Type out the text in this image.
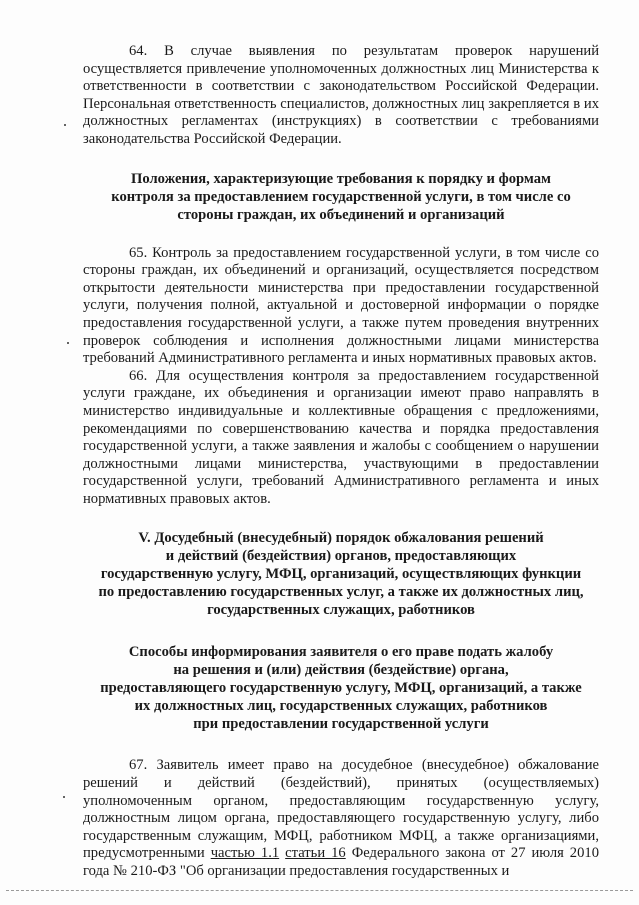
64. В случае выявления по результатам проверок нарушений осуществляется привлечение уполномоченных должностных лиц Министерства к ответственности в соответствии с законодательством Российской Федерации. Персональная ответственность специалистов, должностных лиц закрепляется в их должностных регламентах (инструкциях) в соответствии с требованиями законодательства Российской Федерации.

Положения, характеризующие требования к порядку и формам
контроля за предоставлением государственной услуги, в том числе со
стороны граждан, их объединений и организаций

65. Контроль за предоставлением государственной услуги, в том числе со стороны граждан, их объединений и организаций, осуществляется посредством открытости деятельности министерства при предоставлении государственной услуги, получения полной, актуальной и достоверной информации о порядке предоставления государственной услуги, а также путем проведения внутренних проверок соблюдения и исполнения должностными лицами министерства требований Административного регламента и иных нормативных правовых актов.

66. Для осуществления контроля за предоставлением государственной услуги граждане, их объединения и организации имеют право направлять в министерство индивидуальные и коллективные обращения с предложениями, рекомендациями по совершенствованию качества и порядка предоставления государственной услуги, а также заявления и жалобы с сообщением о нарушении должностными лицами министерства, участвующими в предоставлении государственной услуги, требований Административного регламента и иных нормативных правовых актов.

V. Досудебный (внесудебный) порядок обжалования решений
и действий (бездействия) органов, предоставляющих
государственную услугу, МФЦ, организаций, осуществляющих функции
по предоставлению государственных услуг, а также их должностных лиц,
государственных служащих, работников
Способы информирования заявителя о его праве подать жалобу
на решения и (или) действия (бездействие) органа,
предоставляющего государственную услугу, МФЦ, организаций, а также
их должностных лиц, государственных служащих, работников
при предоставлении государственной услуги

67. Заявитель имеет право на досудебное (внесудебное) обжалование решений и действий (бездействий), принятых (осуществляемых) уполномоченным органом, предоставляющим государственную услугу, должностным лицом органа, предоставляющего государственную услугу, либо государственным служащим, МФЦ, работником МФЦ, а также организациями, предусмотренными частью 1.1 статьи 16 Федерального закона от 27 июля 2010 года № 210-ФЗ "Об организации предоставления государственных и
